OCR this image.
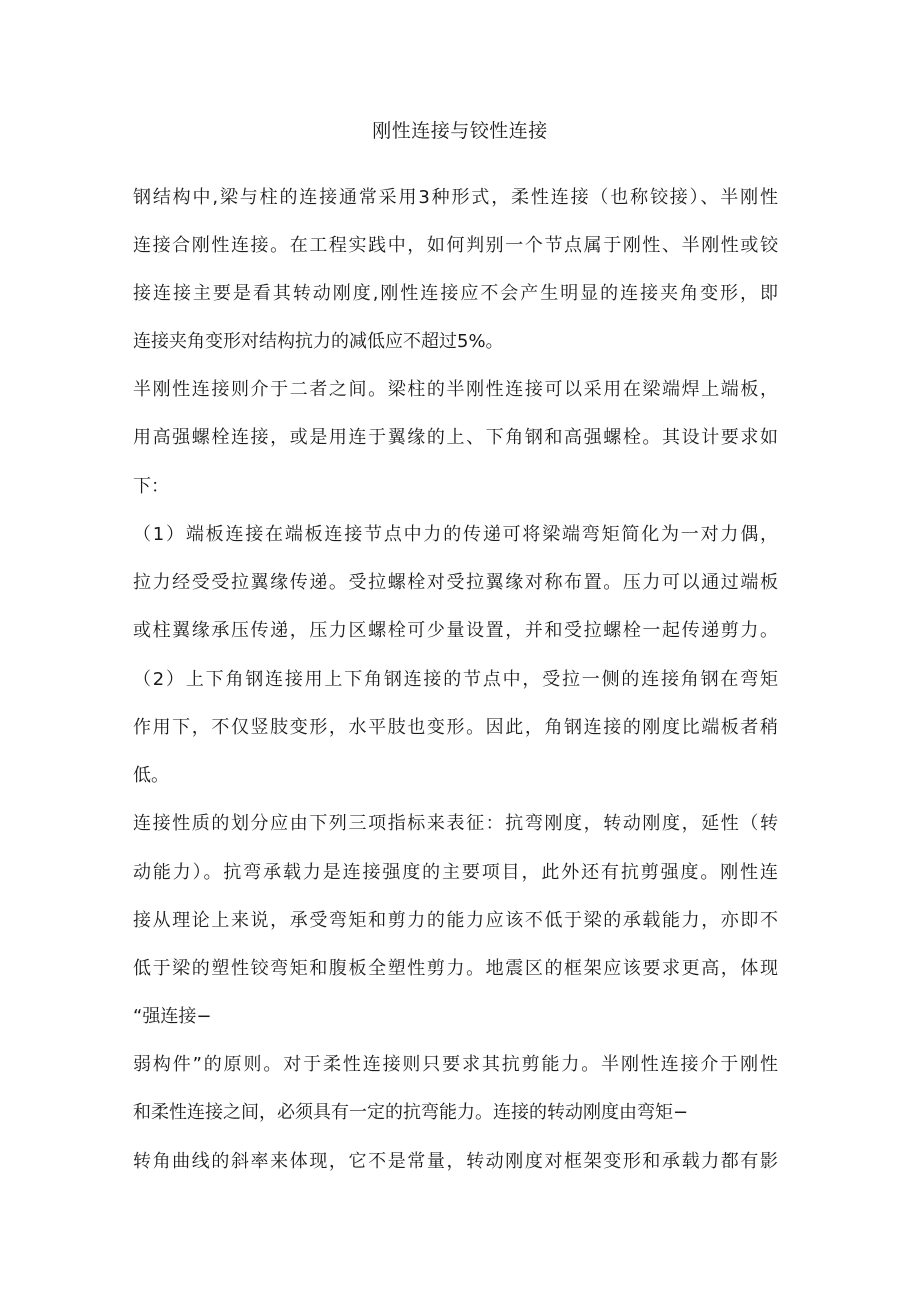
刚性连接与铰性连接
钢结构中,梁与柱的连接通常采用3种形式，柔性连接（也称铰接）、半刚性
连接合刚性连接。在工程实践中，如何判别一个节点属于刚性、半刚性或铰
接连接主要是看其转动刚度,刚性连接应不会产生明显的连接夹角变形，即
连接夹角变形对结构抗力的减低应不超过5%。
半刚性连接则介于二者之间。梁柱的半刚性连接可以采用在梁端焊上端板，
用高强螺栓连接，或是用连于翼缘的上、下角钢和高强螺栓。其设计要求如
下：
（1）端板连接在端板连接节点中力的传递可将梁端弯矩简化为一对力偶，
拉力经受受拉翼缘传递。受拉螺栓对受拉翼缘对称布置。压力可以通过端板
或柱翼缘承压传递，压力区螺栓可少量设置，并和受拉螺栓一起传递剪力。
（2）上下角钢连接用上下角钢连接的节点中，受拉一侧的连接角钢在弯矩
作用下，不仅竖肢变形，水平肢也变形。因此，角钢连接的刚度比端板者稍
低。
连接性质的划分应由下列三项指标来表征：抗弯刚度，转动刚度，延性（转
动能力）。抗弯承载力是连接强度的主要项目，此外还有抗剪强度。刚性连
接从理论上来说，承受弯矩和剪力的能力应该不低于梁的承载能力，亦即不
低于梁的塑性铰弯矩和腹板全塑性剪力。地震区的框架应该要求更高，体现
“强连接−
弱构件”的原则。对于柔性连接则只要求其抗剪能力。半刚性连接介于刚性
和柔性连接之间，必须具有一定的抗弯能力。连接的转动刚度由弯矩−
转角曲线的斜率来体现，它不是常量，转动刚度对框架变形和承载力都有影
